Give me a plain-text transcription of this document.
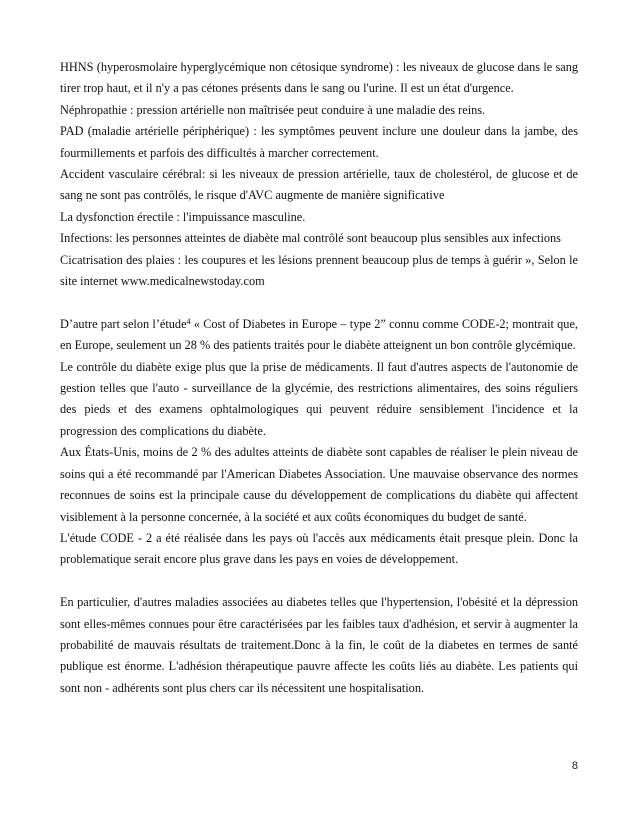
HHNS (hyperosmolaire hyperglycémique non cétosique syndrome) : les niveaux de glucose dans le sang tirer trop haut, et il n'y a pas cétones présents dans le sang ou l'urine. Il est un état d'urgence.

Néphropathie : pression artérielle non maîtrisée peut conduire à une maladie des reins.

PAD (maladie artérielle périphérique) : les symptômes peuvent inclure une douleur dans la jambe, des fourmillements et parfois des difficultés à marcher correctement.

Accident vasculaire cérébral: si les niveaux de pression artérielle, taux de cholestérol, de glucose et de sang ne sont pas contrôlés, le risque d'AVC augmente de manière significative

La dysfonction érectile : l'impuissance masculine.

Infections: les personnes atteintes de diabète mal contrôlé sont beaucoup plus sensibles aux infections

Cicatrisation des plaies : les coupures et les lésions prennent beaucoup plus de temps à guérir », Selon le site internet www.medicalnewstoday.com

D’autre part selon l’étude$^4$ « Cost of Diabetes in Europe – type 2” connu comme CODE-2; montrait que, en Europe, seulement un 28 % des patients traités pour le diabète atteignent un bon contrôle glycémique.

Le contrôle du diabète exige plus que la prise de médicaments. Il faut d'autres aspects de l'autonomie de gestion telles que l'auto - surveillance de la glycémie, des restrictions alimentaires, des soins réguliers des pieds et des examens ophtalmologiques qui peuvent réduire sensiblement l'incidence et la progression des complications du diabète.

Aux États-Unis, moins de 2 % des adultes atteints de diabète sont capables de réaliser le plein niveau de soins qui a été recommandé par l'American Diabetes Association. Une mauvaise observance des normes reconnues de soins est la principale cause du développement de complications du diabète qui affectent visiblement à la personne concernée, à la société et aux coûts économiques du budget de santé.

L'étude CODE - 2 a été réalisée dans les pays où l'accès aux médicaments était presque plein. Donc la problematique serait encore plus grave dans les pays en voies de développement.

En particulier, d'autres maladies associées au diabetes telles que l'hypertension, l'obésité et la dépression sont elles-mêmes connues pour être caractérisées par les faibles taux d'adhésion, et servir à augmenter la probabilité de mauvais résultats de traitement.Donc à la fin, le coût de la diabetes en termes de santé publique est énorme. L'adhésion thérapeutique pauvre affecte les coûts liés au diabète. Les patients qui sont non - adhérents sont plus chers car ils nécessitent une hospitalisation.

8
